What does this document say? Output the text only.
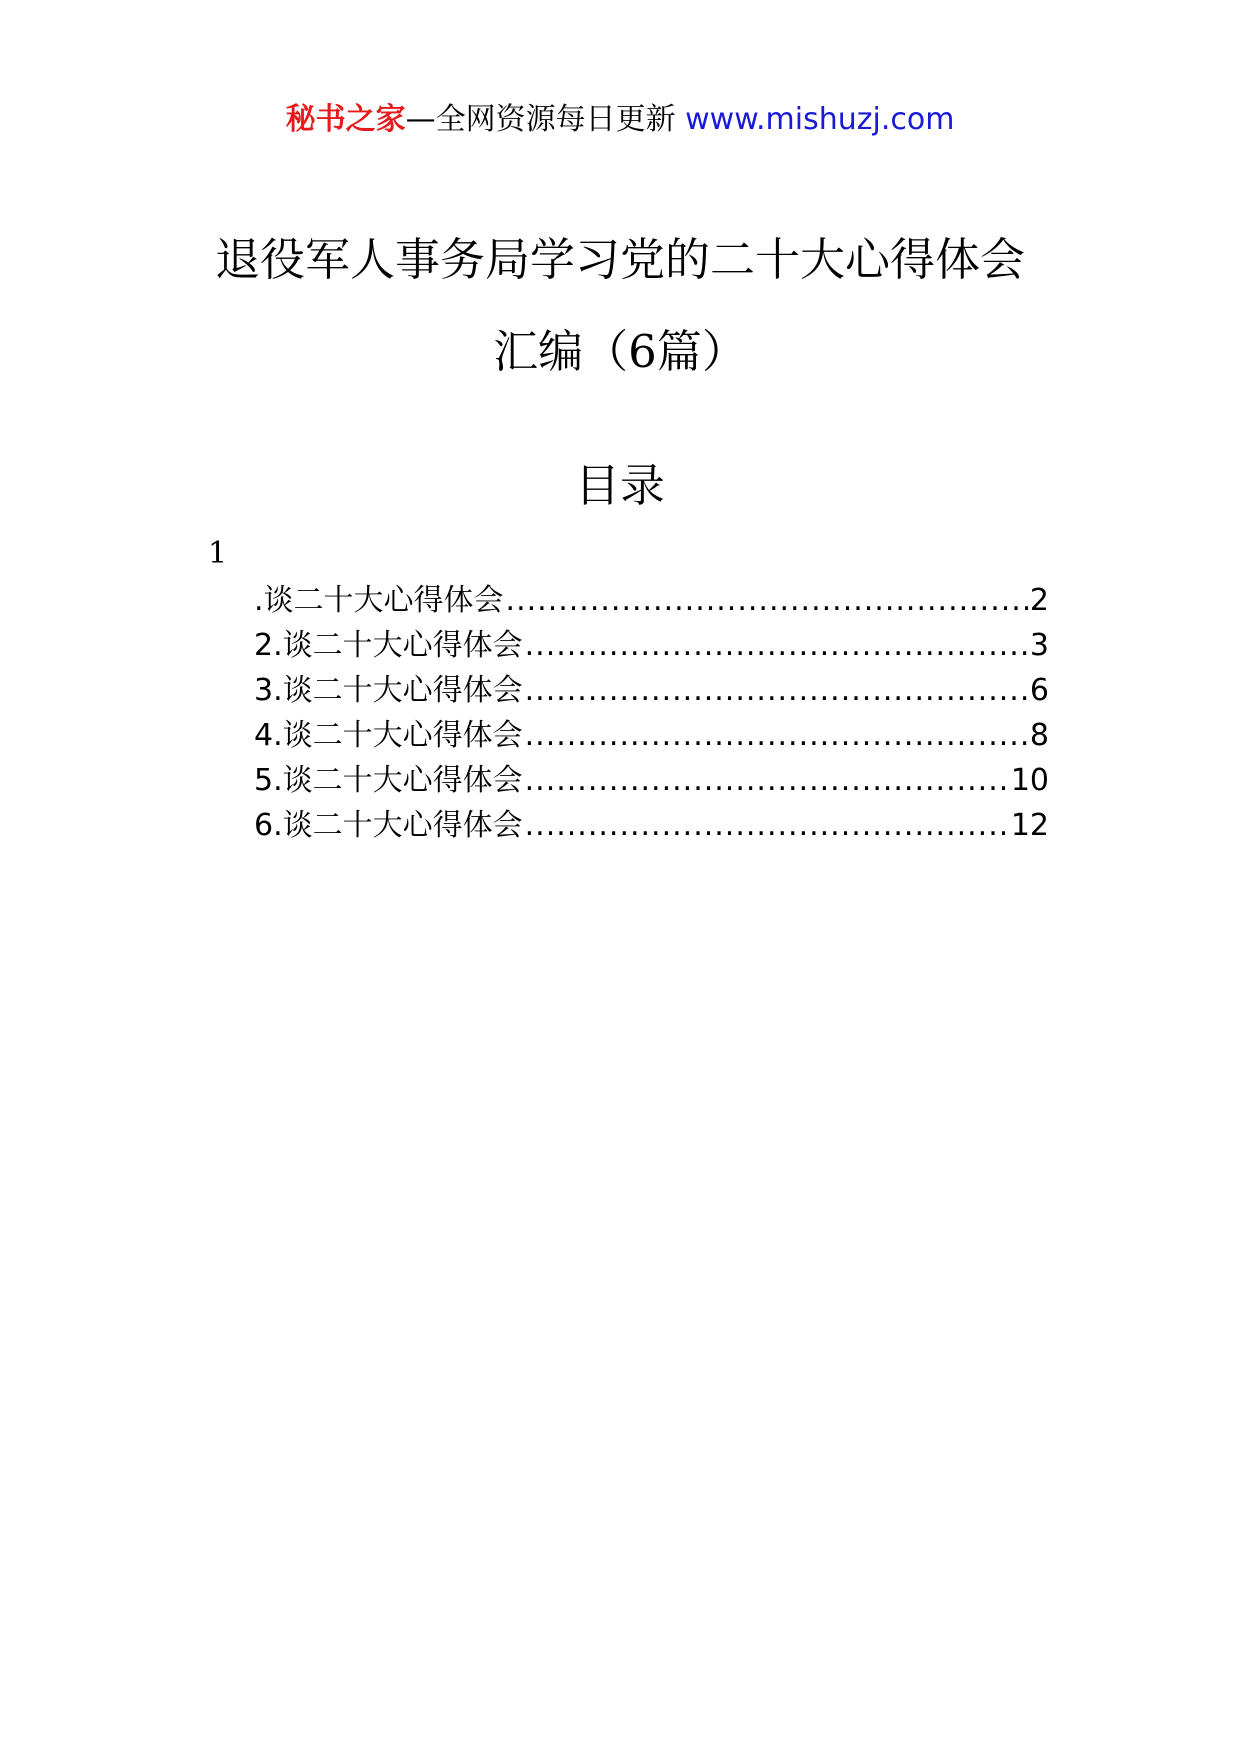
秘书之家—全网资源每日更新 www.mishuzj.com
退役军人事务局学习党的二十大心得体会
汇编（6篇）
目录
1
. 谈二十大心得体会 .....	2
2. 谈二十大心得体会 .....	3
3. 谈二十大心得体会 .....	6
4. 谈二十大心得体会 .....	8
5. 谈二十大心得体会 .....	10
6. 谈二十大心得体会 .....	12
